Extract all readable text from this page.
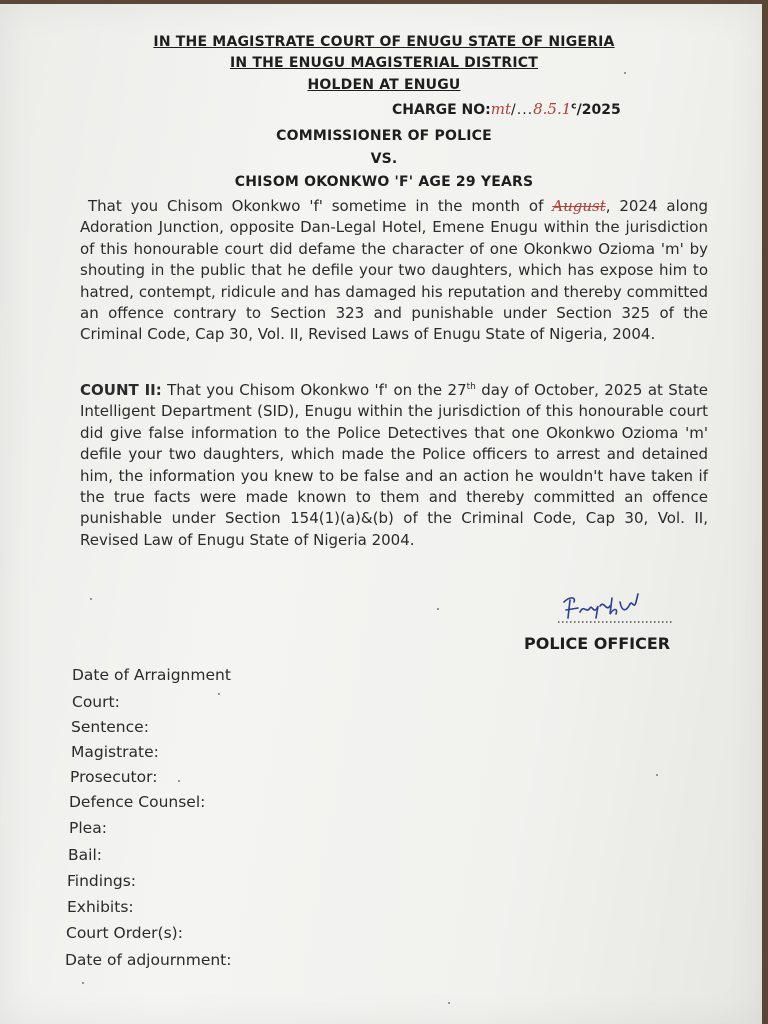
IN THE MAGISTRATE COURT OF ENUGU STATE OF NIGERIA
IN THE ENUGU MAGISTERIAL DISTRICT
HOLDEN AT ENUGU
CHARGE NO:mt/...8.5.1$^c$/2025
COMMISSIONER OF POLICE
VS.
CHISOM OKONKWO 'F' AGE 29 YEARS
That you Chisom Okonkwo 'f' sometime in the month of August, 2024 along Adoration Junction, opposite Dan-Legal Hotel, Emene Enugu within the jurisdiction of this honourable court did defame the character of one Okonkwo Ozioma 'm' by shouting in the public that he defile your two daughters, which has expose him to hatred, contempt, ridicule and has damaged his reputation and thereby committed an offence contrary to Section 323 and punishable under Section 325 of the Criminal Code, Cap 30, Vol. II, Revised Laws of Enugu State of Nigeria, 2004.
COUNT II: That you Chisom Okonkwo 'f' on the 27th day of October, 2025 at State Intelligent Department (SID), Enugu within the jurisdiction of this honourable court did give false information to the Police Detectives that one Okonkwo Ozioma 'm' defile your two daughters, which made the Police officers to arrest and detained him, the information you knew to be false and an action he wouldn't have taken if the true facts were made known to them and thereby committed an offence punishable under Section 154(1)(a)&(b) of the Criminal Code, Cap 30, Vol. II, Revised Law of Enugu State of Nigeria 2004.
POLICE OFFICER
Date of Arraignment
Court:
Sentence:
Magistrate:
Prosecutor:
Defence Counsel:
Plea:
Bail:
Findings:
Exhibits:
Court Order(s):
Date of adjournment:
